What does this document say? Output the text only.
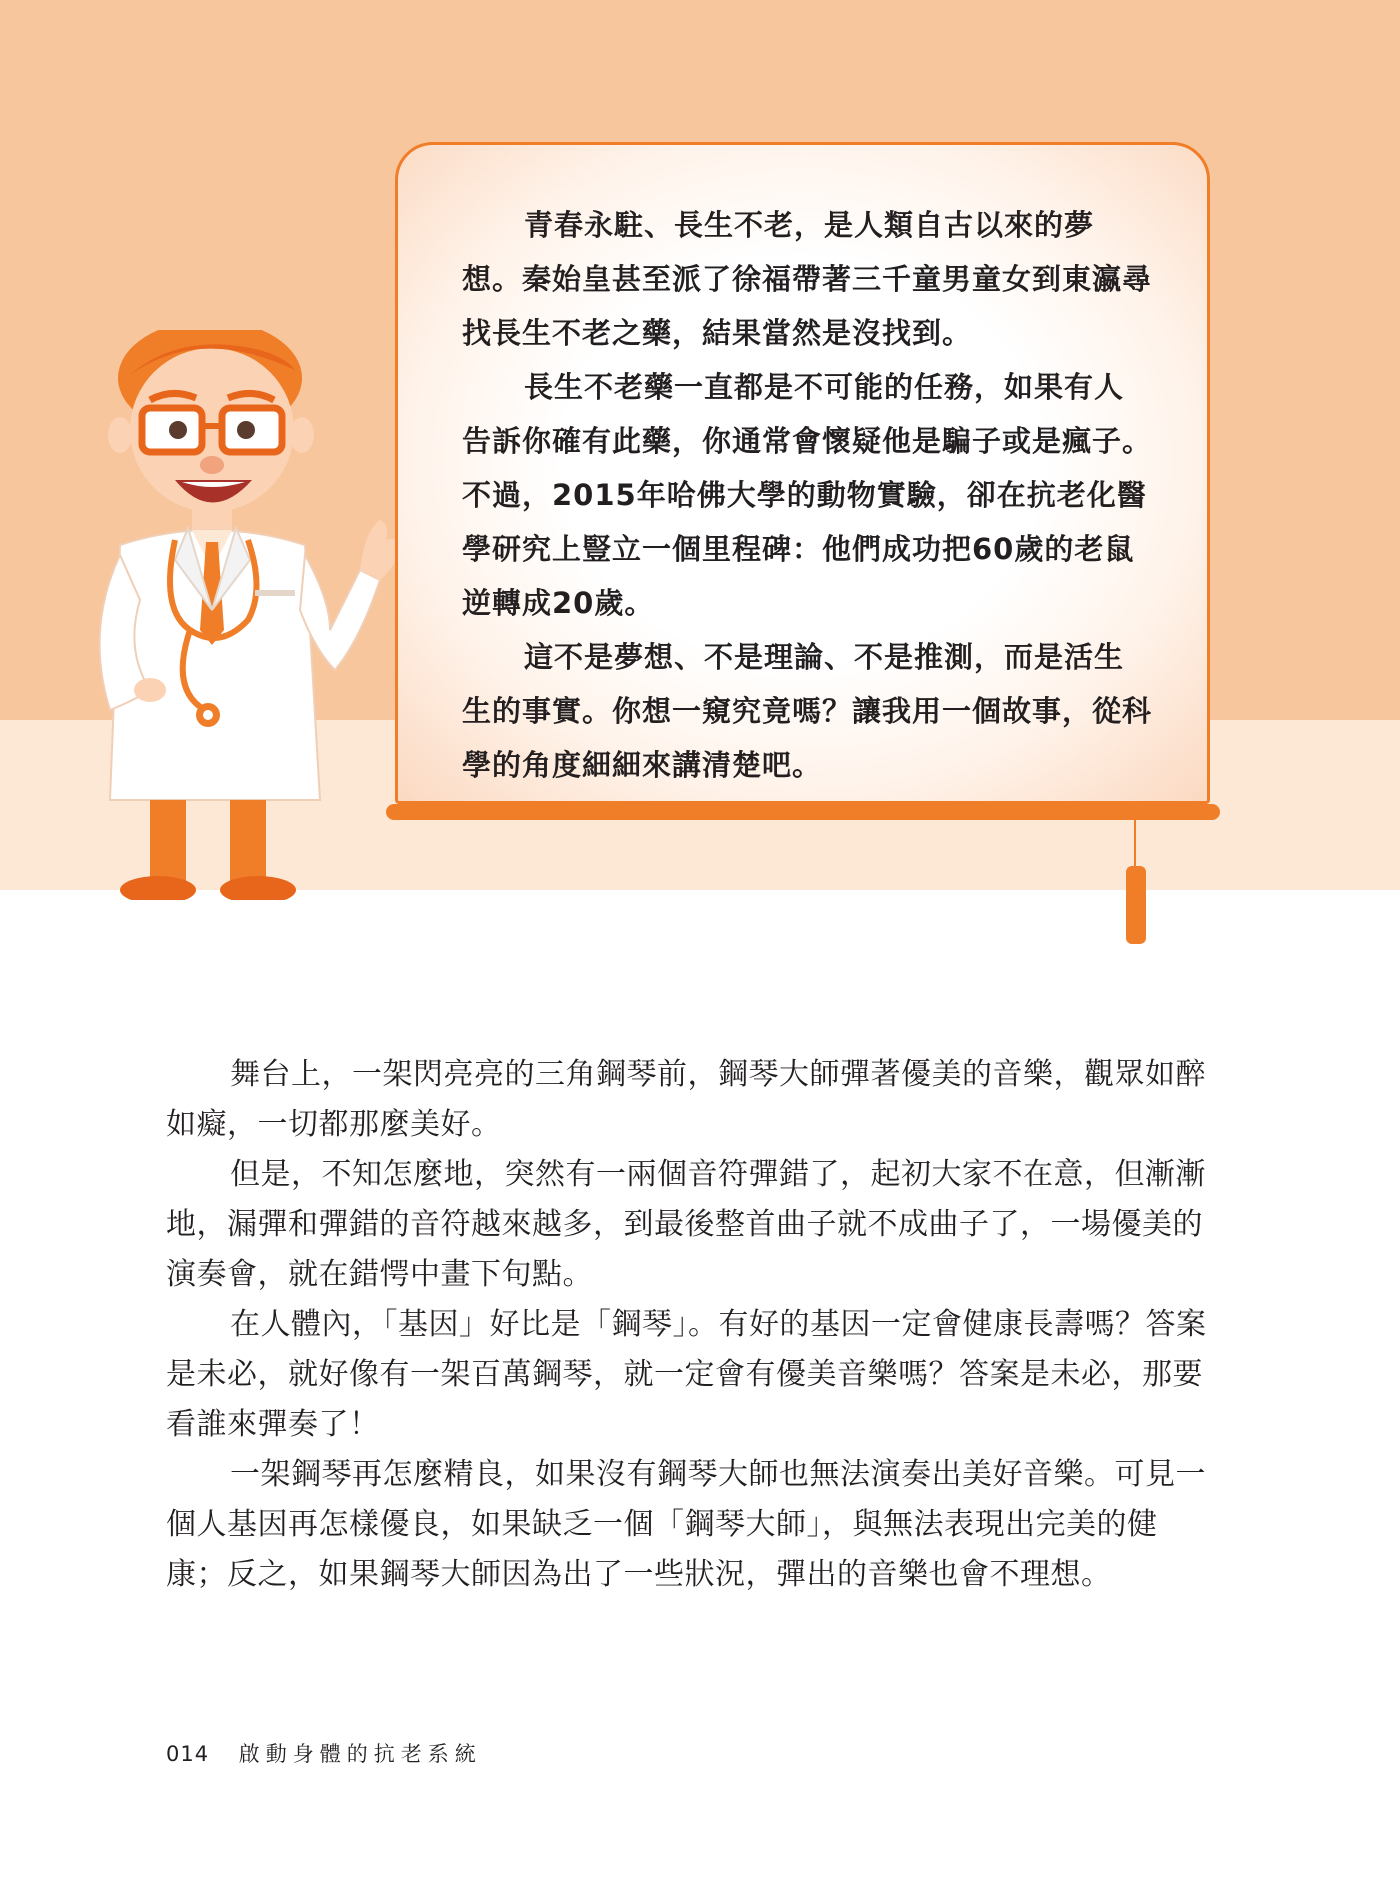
青春永駐、長生不老，是人類自古以來的夢想。秦始皇甚至派了徐福帶著三千童男童女到東瀛尋找長生不老之藥，結果當然是沒找到。

長生不老藥一直都是不可能的任務，如果有人告訴你確有此藥，你通常會懷疑他是騙子或是瘋子。不過，2015年哈佛大學的動物實驗，卻在抗老化醫學研究上豎立一個里程碑：他們成功把60歲的老鼠逆轉成20歲。

這不是夢想、不是理論、不是推測，而是活生生的事實。你想一窺究竟嗎？讓我用一個故事，從科學的角度細細來講清楚吧。

舞台上，一架閃亮亮的三角鋼琴前，鋼琴大師彈著優美的音樂，觀眾如醉如癡，一切都那麼美好。

但是，不知怎麼地，突然有一兩個音符彈錯了，起初大家不在意，但漸漸地，漏彈和彈錯的音符越來越多，到最後整首曲子就不成曲子了，一場優美的演奏會，就在錯愕中畫下句點。

在人體內，「基因」好比是「鋼琴」。有好的基因一定會健康長壽嗎？答案是未必，就好像有一架百萬鋼琴，就一定會有優美音樂嗎？答案是未必，那要看誰來彈奏了！

一架鋼琴再怎麼精良，如果沒有鋼琴大師也無法演奏出美好音樂。可見一個人基因再怎樣優良，如果缺乏一個「鋼琴大師」，與無法表現出完美的健康；反之，如果鋼琴大師因為出了一些狀況，彈出的音樂也會不理想。

014 啟動身體的抗老系統
